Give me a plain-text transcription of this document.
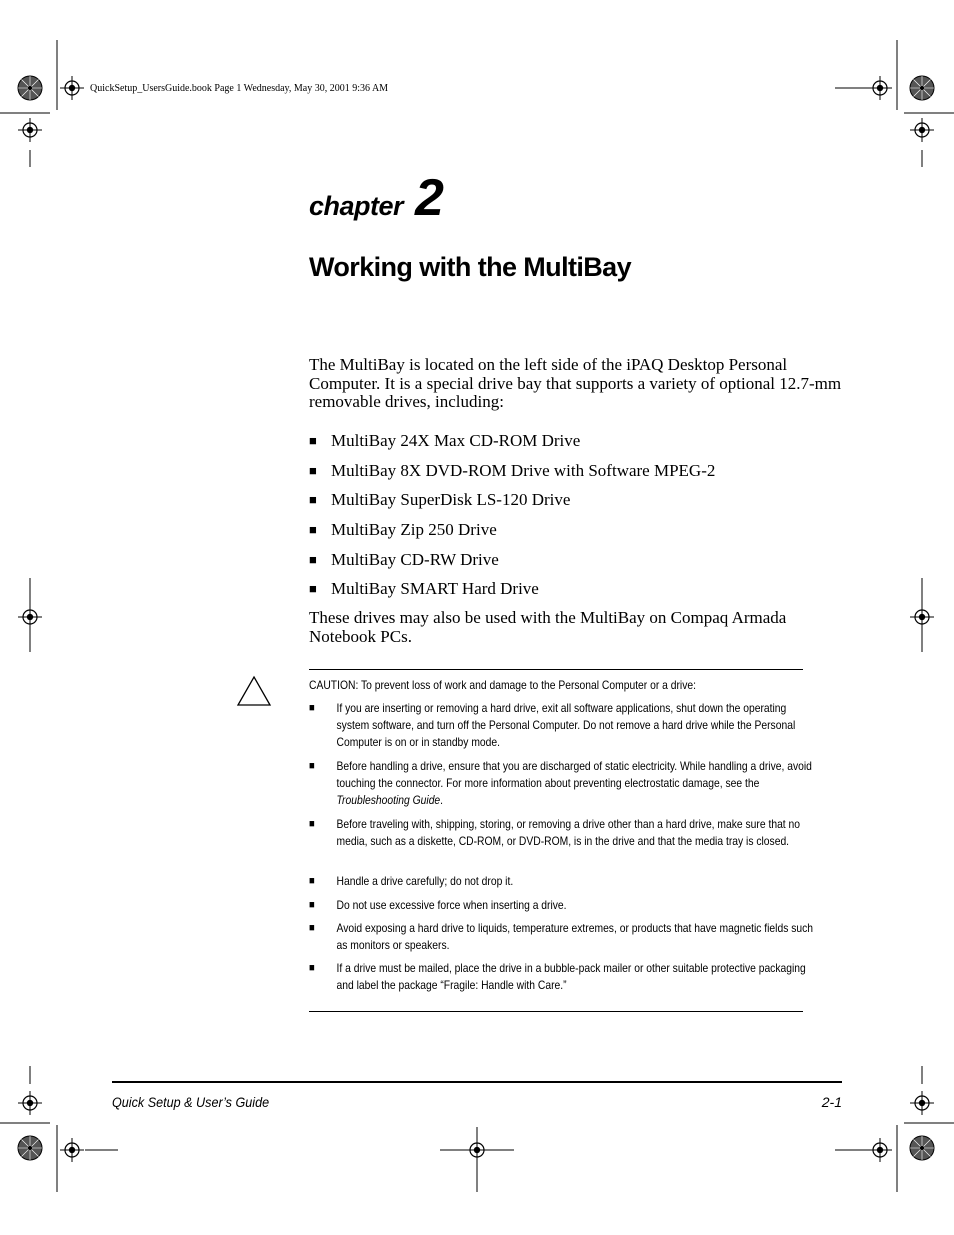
QuickSetup_UsersGuide.book Page 1 Wednesday, May 30, 2001 9:36 AM
chapter 2
Working with the MultiBay

The MultiBay is located on the left side of the iPAQ Desktop Personal Computer. It is a special drive bay that supports a variety of optional 12.7-mm removable drives, including:

■ MultiBay 24X Max CD-ROM Drive
■ MultiBay 8X DVD-ROM Drive with Software MPEG-2
■ MultiBay SuperDisk LS-120 Drive
■ MultiBay Zip 250 Drive
■ MultiBay CD-RW Drive
■ MultiBay SMART Hard Drive

These drives may also be used with the MultiBay on Compaq Armada Notebook PCs.

CAUTION: To prevent loss of work and damage to the Personal Computer or a drive:

■ If you are inserting or removing a hard drive, exit all software applications, shut down the operating system software, and turn off the Personal Computer. Do not remove a hard drive while the Personal Computer is on or in standby mode.
■ Before handling a drive, ensure that you are discharged of static electricity. While handling a drive, avoid touching the connector. For more information about preventing electrostatic damage, see the Troubleshooting Guide.
■ Before traveling with, shipping, storing, or removing a drive other than a hard drive, make sure that no media, such as a diskette, CD-ROM, or DVD-ROM, is in the drive and that the media tray is closed.
■ Handle a drive carefully; do not drop it.
■ Do not use excessive force when inserting a drive.
■ Avoid exposing a hard drive to liquids, temperature extremes, or products that have magnetic fields such as monitors or speakers.
■ If a drive must be mailed, place the drive in a bubble-pack mailer or other suitable protective packaging and label the package “Fragile: Handle with Care.”

Quick Setup & User’s Guide	2-1
